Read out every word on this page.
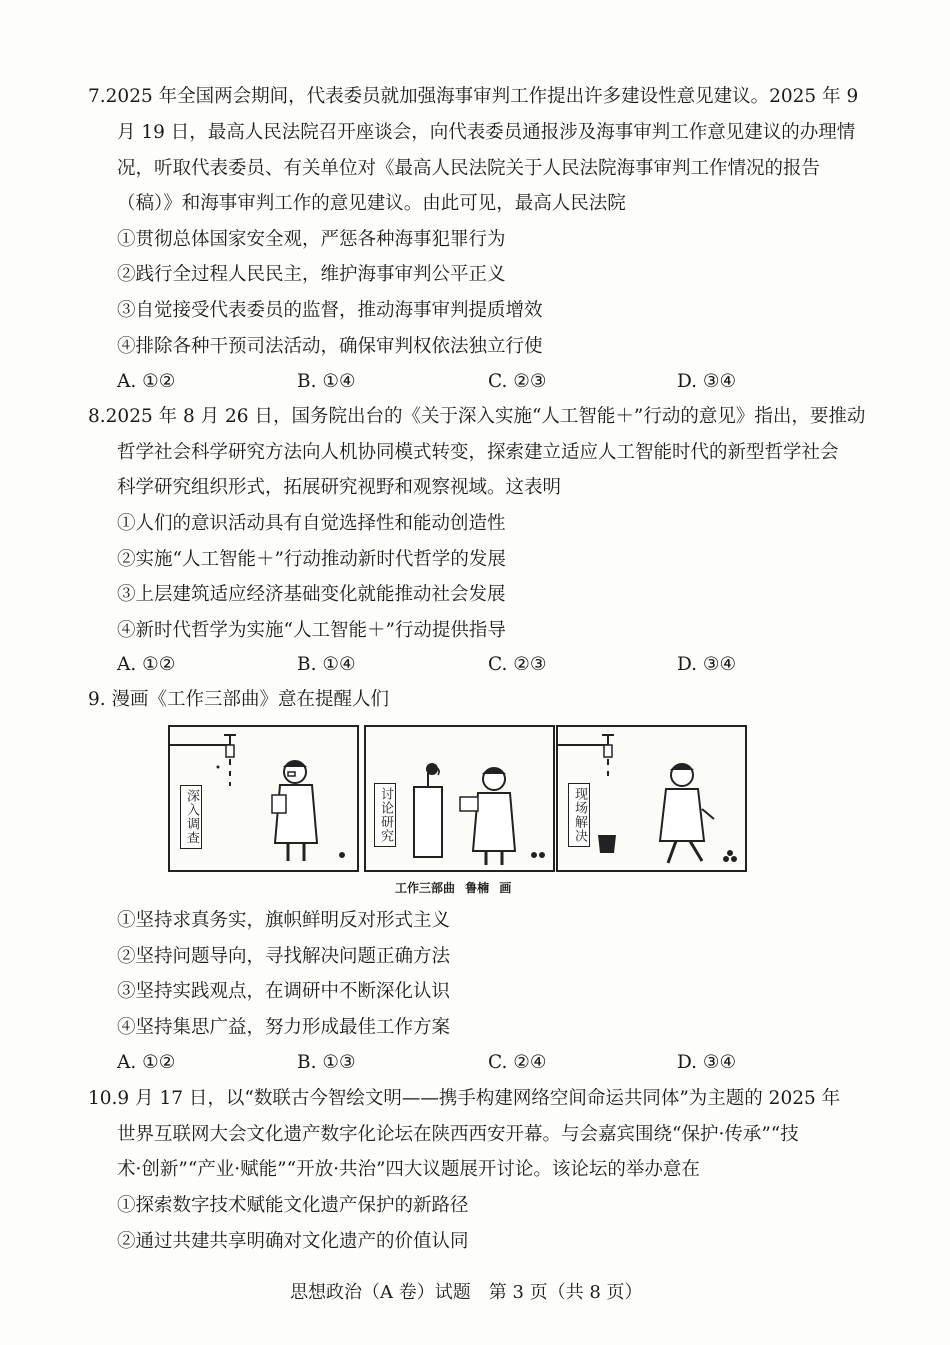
7.2025 年全国两会期间，代表委员就加强海事审判工作提出许多建设性意见建议。2025 年 9
月 19 日，最高人民法院召开座谈会，向代表委员通报涉及海事审判工作意见建议的办理情
况，听取代表委员、有关单位对《最高人民法院关于人民法院海事审判工作情况的报告
（稿）》和海事审判工作的意见建议。由此可见，最高人民法院
①贯彻总体国家安全观，严惩各种海事犯罪行为
②践行全过程人民民主，维护海事审判公平正义
③自觉接受代表委员的监督，推动海事审判提质增效
④排除各种干预司法活动，确保审判权依法独立行使
A. ①②	B. ①④	C. ②③	D. ③④
8.2025 年 8 月 26 日，国务院出台的《关于深入实施“人工智能＋”行动的意见》指出，要推动
哲学社会科学研究方法向人机协同模式转变，探索建立适应人工智能时代的新型哲学社会
科学研究组织形式，拓展研究视野和观察视域。这表明
①人们的意识活动具有自觉选择性和能动创造性
②实施“人工智能＋”行动推动新时代哲学的发展
③上层建筑适应经济基础变化就能推动社会发展
④新时代哲学为实施“人工智能＋”行动提供指导
A. ①②	B. ①④	C. ②③	D. ③④
9. 漫画《工作三部曲》意在提醒人们
深入调查	讨论研究	现场解决
工作三部曲 鲁楠 画
①坚持求真务实，旗帜鲜明反对形式主义
②坚持问题导向，寻找解决问题正确方法
③坚持实践观点，在调研中不断深化认识
④坚持集思广益，努力形成最佳工作方案
A. ①②	B. ①③	C. ②④	D. ③④
10.9 月 17 日，以“数联古今智绘文明——携手构建网络空间命运共同体”为主题的 2025 年
世界互联网大会文化遗产数字化论坛在陕西西安开幕。与会嘉宾围绕“保护·传承”“技
术·创新”“产业·赋能”“开放·共治”四大议题展开讨论。该论坛的举办意在
①探索数字技术赋能文化遗产保护的新路径
②通过共建共享明确对文化遗产的价值认同
思想政治（A 卷）试题　第 3 页（共 8 页）
